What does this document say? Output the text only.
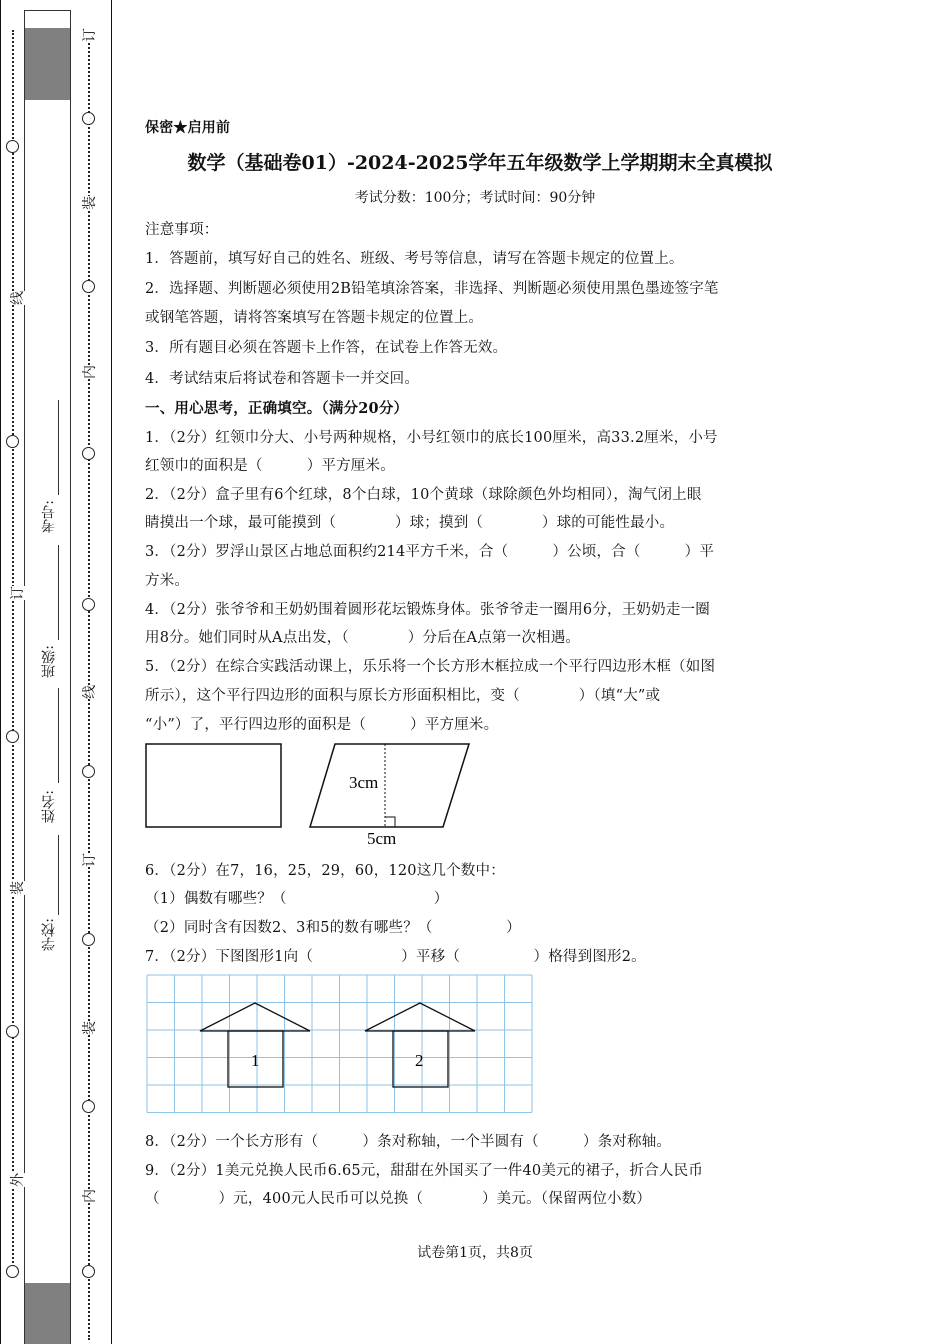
线
订
装
外
订
装
内
线
订
装
内
学校:
姓名:
班级:
考号:
保密★启用前
数学（基础卷01）-2024-2025学年五年级数学上学期期末全真模拟
考试分数：100分；考试时间：90分钟
注意事项：
1．答题前，填写好自己的姓名、班级、考号等信息，请写在答题卡规定的位置上。
2．选择题、判断题必须使用2B铅笔填涂答案，非选择、判断题必须使用黑色墨迹签字笔
或钢笔答题，请将答案填写在答题卡规定的位置上。
3．所有题目必须在答题卡上作答，在试卷上作答无效。
4．考试结束后将试卷和答题卡一并交回。
一、用心思考，正确填空。（满分20分）
1．（2分）红领巾分大、小号两种规格，小号红领巾的底长100厘米，高33.2厘米，小号
红领巾的面积是（　　　）平方厘米。
2．（2分）盒子里有6个红球，8个白球，10个黄球（球除颜色外均相同），淘气闭上眼
睛摸出一个球，最可能摸到（　　　　）球；摸到（　　　　）球的可能性最小。
3．（2分）罗浮山景区占地总面积约214平方千米，合（　　　）公顷，合（　　　）平
方米。
4．（2分）张爷爷和王奶奶围着圆形花坛锻炼身体。张爷爷走一圈用6分，王奶奶走一圈
用8分。她们同时从A点出发，（　　　　）分后在A点第一次相遇。
5．（2分）在综合实践活动课上，乐乐将一个长方形木框拉成一个平行四边形木框（如图
所示），这个平行四边形的面积与原长方形面积相比，变（　　　　）（填“大”或
“小”）了，平行四边形的面积是（　　　）平方厘米。
3cm
5cm
6．（2分）在7，16，25，29，60，120这几个数中：
（1）偶数有哪些？（　　　　　　　　　　）
（2）同时含有因数2、3和5的数有哪些？（　　　　　）
7．（2分）下图图形1向（　　　　　　）平移（　　　　　）格得到图形2。
1	2
8．（2分）一个长方形有（　　　）条对称轴，一个半圆有（　　　）条对称轴。
9．（2分）1美元兑换人民币6.65元，甜甜在外国买了一件40美元的裙子，折合人民币
（　　　　）元，400元人民币可以兑换（　　　　）美元。（保留两位小数）
试卷第1页，共8页
